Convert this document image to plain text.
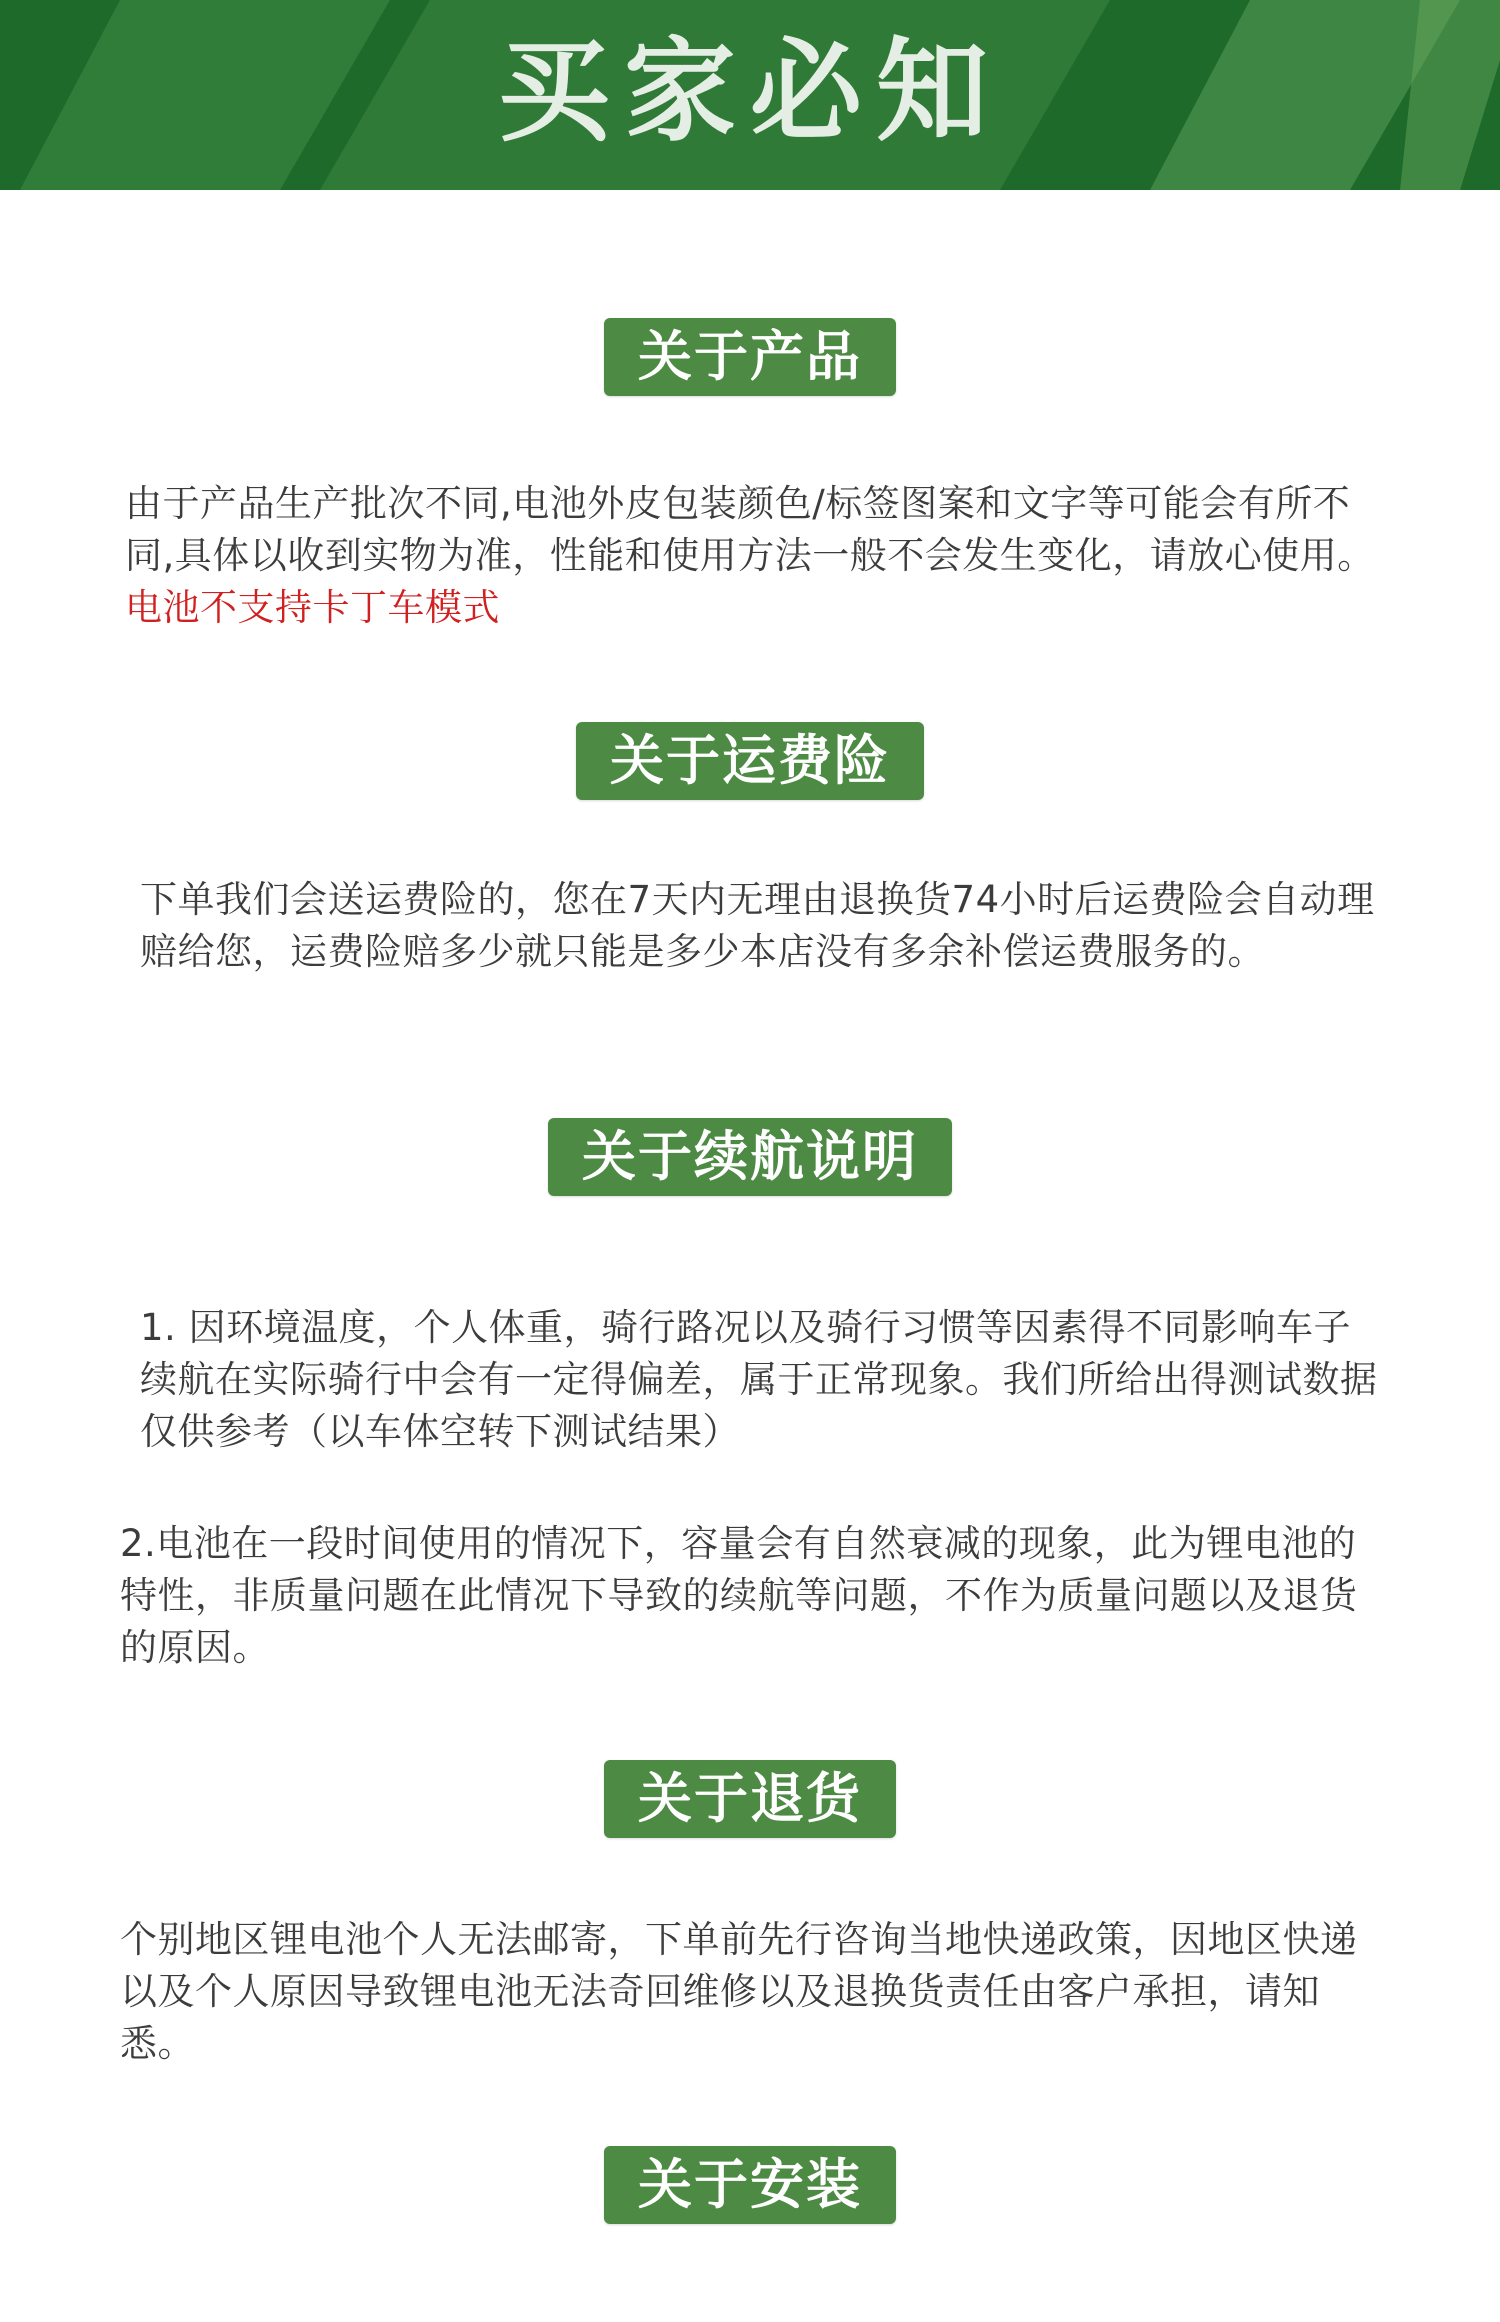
买家必知
关于产品

由于产品生产批次不同,电池外皮包装颜色/标签图案和文字等可能会有所不同,具体以收到实物为准，性能和使用方法一般不会发生变化，请放心使用。电池不支持卡丁车模式

关于运费险

下单我们会送运费险的，您在7天内无理由退换货74小时后运费险会自动理赔给您，运费险赔多少就只能是多少本店没有多余补偿运费服务的。

关于续航说明

1. 因环境温度，个人体重，骑行路况以及骑行习惯等因素得不同影响车子续航在实际骑行中会有一定得偏差，属于正常现象。我们所给出得测试数据仅供参考（以车体空转下测试结果）

2.电池在一段时间使用的情况下，容量会有自然衰减的现象，此为锂电池的特性，非质量问题在此情况下导致的续航等问题，不作为质量问题以及退货的原因。

关于退货

个别地区锂电池个人无法邮寄，下单前先行咨询当地快递政策，因地区快递以及个人原因导致锂电池无法奇回维修以及退换货责任由客户承担，请知悉。

关于安装
